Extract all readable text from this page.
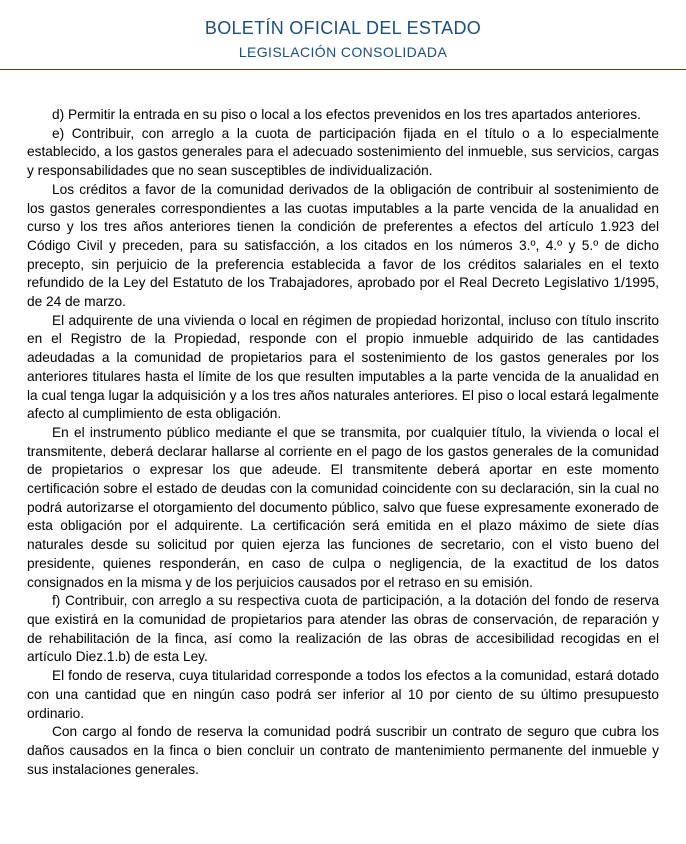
BOLETÍN OFICIAL DEL ESTADO
LEGISLACIÓN CONSOLIDADA

d) Permitir la entrada en su piso o local a los efectos prevenidos en los tres apartados anteriores.

e) Contribuir, con arreglo a la cuota de participación fijada en el título o a lo especialmente establecido, a los gastos generales para el adecuado sostenimiento del inmueble, sus servicios, cargas y responsabilidades que no sean susceptibles de individualización.

Los créditos a favor de la comunidad derivados de la obligación de contribuir al sostenimiento de los gastos generales correspondientes a las cuotas imputables a la parte vencida de la anualidad en curso y los tres años anteriores tienen la condición de preferentes a efectos del artículo 1.923 del Código Civil y preceden, para su satisfacción, a los citados en los números 3.º, 4.º y 5.º de dicho precepto, sin perjuicio de la preferencia establecida a favor de los créditos salariales en el texto refundido de la Ley del Estatuto de los Trabajadores, aprobado por el Real Decreto Legislativo 1/1995, de 24 de marzo.

El adquirente de una vivienda o local en régimen de propiedad horizontal, incluso con título inscrito en el Registro de la Propiedad, responde con el propio inmueble adquirido de las cantidades adeudadas a la comunidad de propietarios para el sostenimiento de los gastos generales por los anteriores titulares hasta el límite de los que resulten imputables a la parte vencida de la anualidad en la cual tenga lugar la adquisición y a los tres años naturales anteriores. El piso o local estará legalmente afecto al cumplimiento de esta obligación.

En el instrumento público mediante el que se transmita, por cualquier título, la vivienda o local el transmitente, deberá declarar hallarse al corriente en el pago de los gastos generales de la comunidad de propietarios o expresar los que adeude. El transmitente deberá aportar en este momento certificación sobre el estado de deudas con la comunidad coincidente con su declaración, sin la cual no podrá autorizarse el otorgamiento del documento público, salvo que fuese expresamente exonerado de esta obligación por el adquirente. La certificación será emitida en el plazo máximo de siete días naturales desde su solicitud por quien ejerza las funciones de secretario, con el visto bueno del presidente, quienes responderán, en caso de culpa o negligencia, de la exactitud de los datos consignados en la misma y de los perjuicios causados por el retraso en su emisión.

f) Contribuir, con arreglo a su respectiva cuota de participación, a la dotación del fondo de reserva que existirá en la comunidad de propietarios para atender las obras de conservación, de reparación y de rehabilitación de la finca, así como la realización de las obras de accesibilidad recogidas en el artículo Diez.1.b) de esta Ley.

El fondo de reserva, cuya titularidad corresponde a todos los efectos a la comunidad, estará dotado con una cantidad que en ningún caso podrá ser inferior al 10 por ciento de su último presupuesto ordinario.

Con cargo al fondo de reserva la comunidad podrá suscribir un contrato de seguro que cubra los daños causados en la finca o bien concluir un contrato de mantenimiento permanente del inmueble y sus instalaciones generales.
